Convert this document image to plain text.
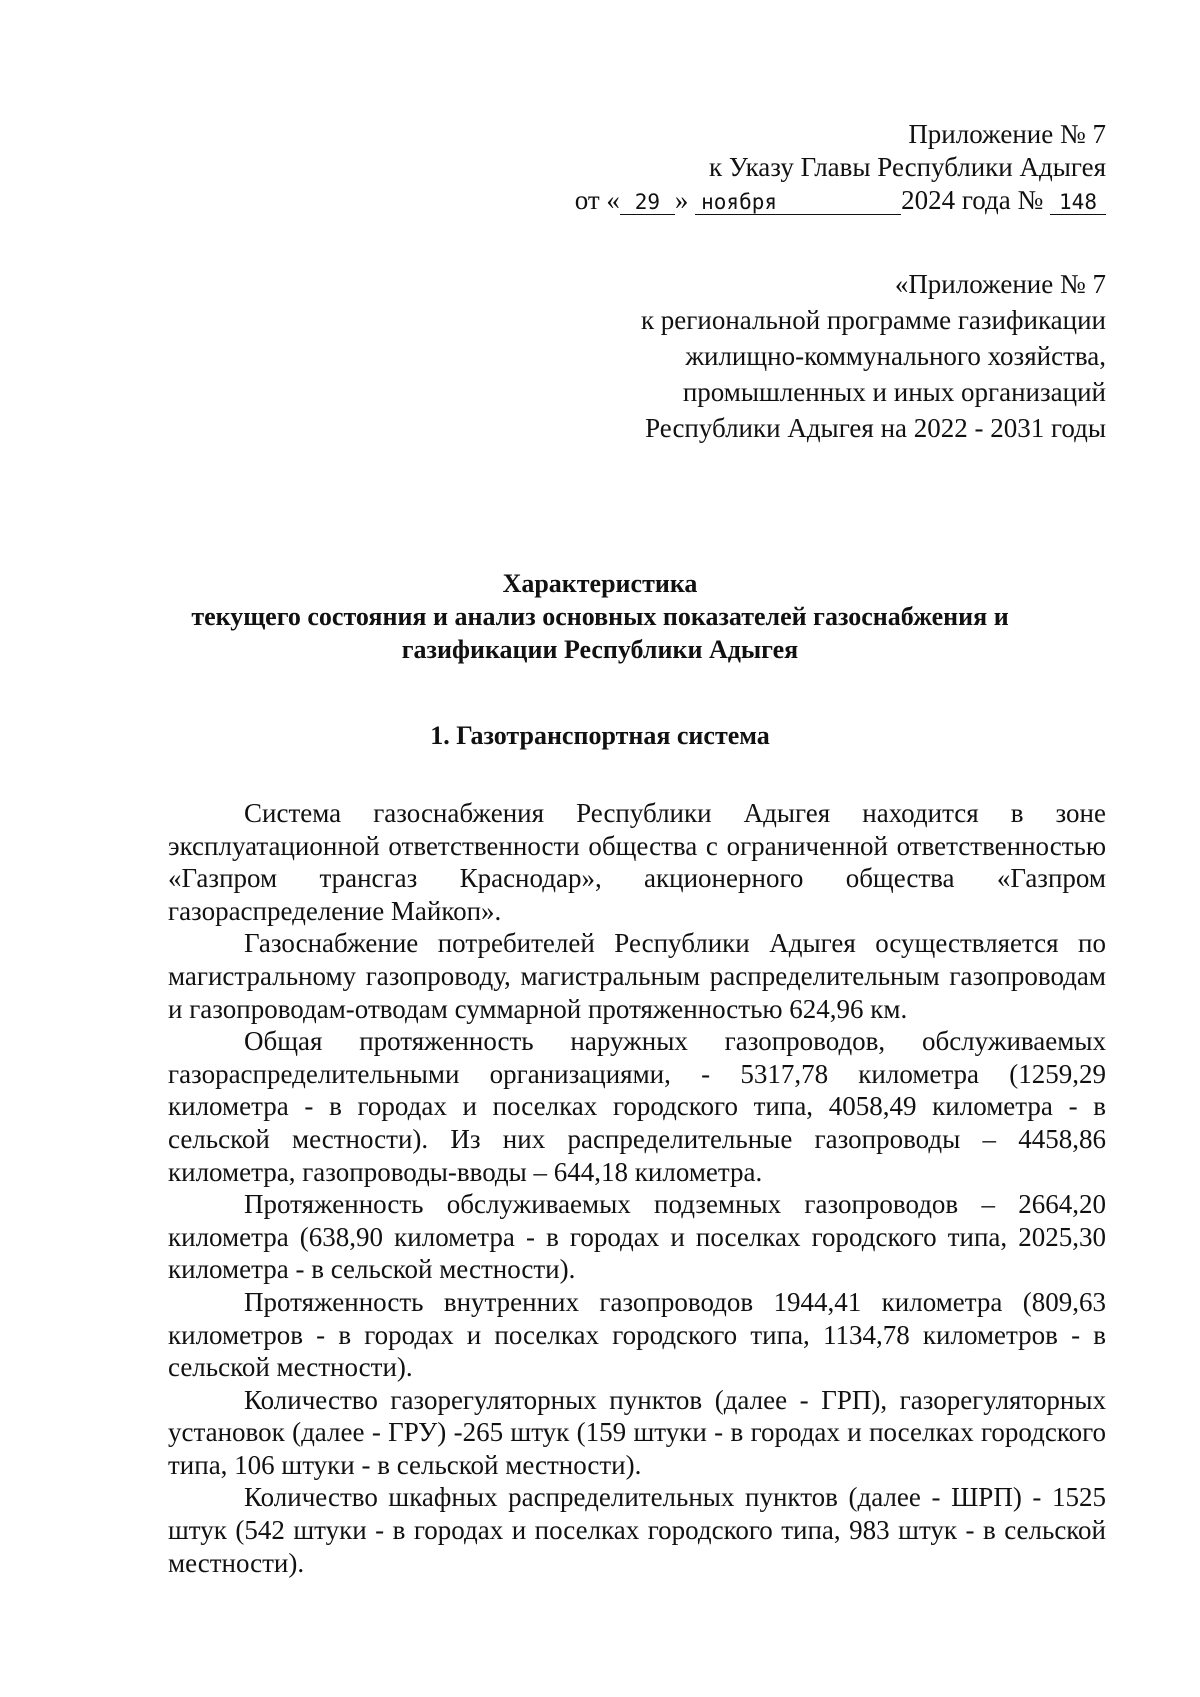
Приложение № 7
к Указу Главы Республики Адыгея
от « 29 » ноября	2024 года № 148
«Приложение № 7
к региональной программе газификации
жилищно-коммунального хозяйства,
промышленных и иных организаций
Республики Адыгея на 2022 - 2031 годы
Характеристика
текущего состояния и анализ основных показателей газоснабжения и
газификации Республики Адыгея
1. Газотранспортная система

Система газоснабжения Республики Адыгея находится в зоне эксплуатационной ответственности общества с ограниченной ответственностью «Газпром трансгаз Краснодар», акционерного общества «Газпром газораспределение Майкоп».

Газоснабжение потребителей Республики Адыгея осуществляется по магистральному газопроводу, магистральным распределительным газопроводам и газопроводам-отводам суммарной протяженностью 624,96 км.

Общая протяженность наружных газопроводов, обслуживаемых газораспределительными организациями, - 5317,78 километра (1259,29 километра - в городах и поселках городского типа, 4058,49 километра - в сельской местности). Из них распределительные газопроводы – 4458,86 километра, газопроводы-вводы – 644,18 километра.

Протяженность обслуживаемых подземных газопроводов – 2664,20 километра (638,90 километра - в городах и поселках городского типа, 2025,30 километра - в сельской местности).

Протяженность внутренних газопроводов 1944,41 километра (809,63 километров - в городах и поселках городского типа, 1134,78 километров - в сельской местности).

Количество газорегуляторных пунктов (далее - ГРП), газорегуляторных установок (далее - ГРУ) -265 штук (159 штуки - в городах и поселках городского типа, 106 штуки - в сельской местности).

Количество шкафных распределительных пунктов (далее - ШРП) - 1525 штук (542 штуки - в городах и поселках городского типа, 983 штук - в сельской местности).
